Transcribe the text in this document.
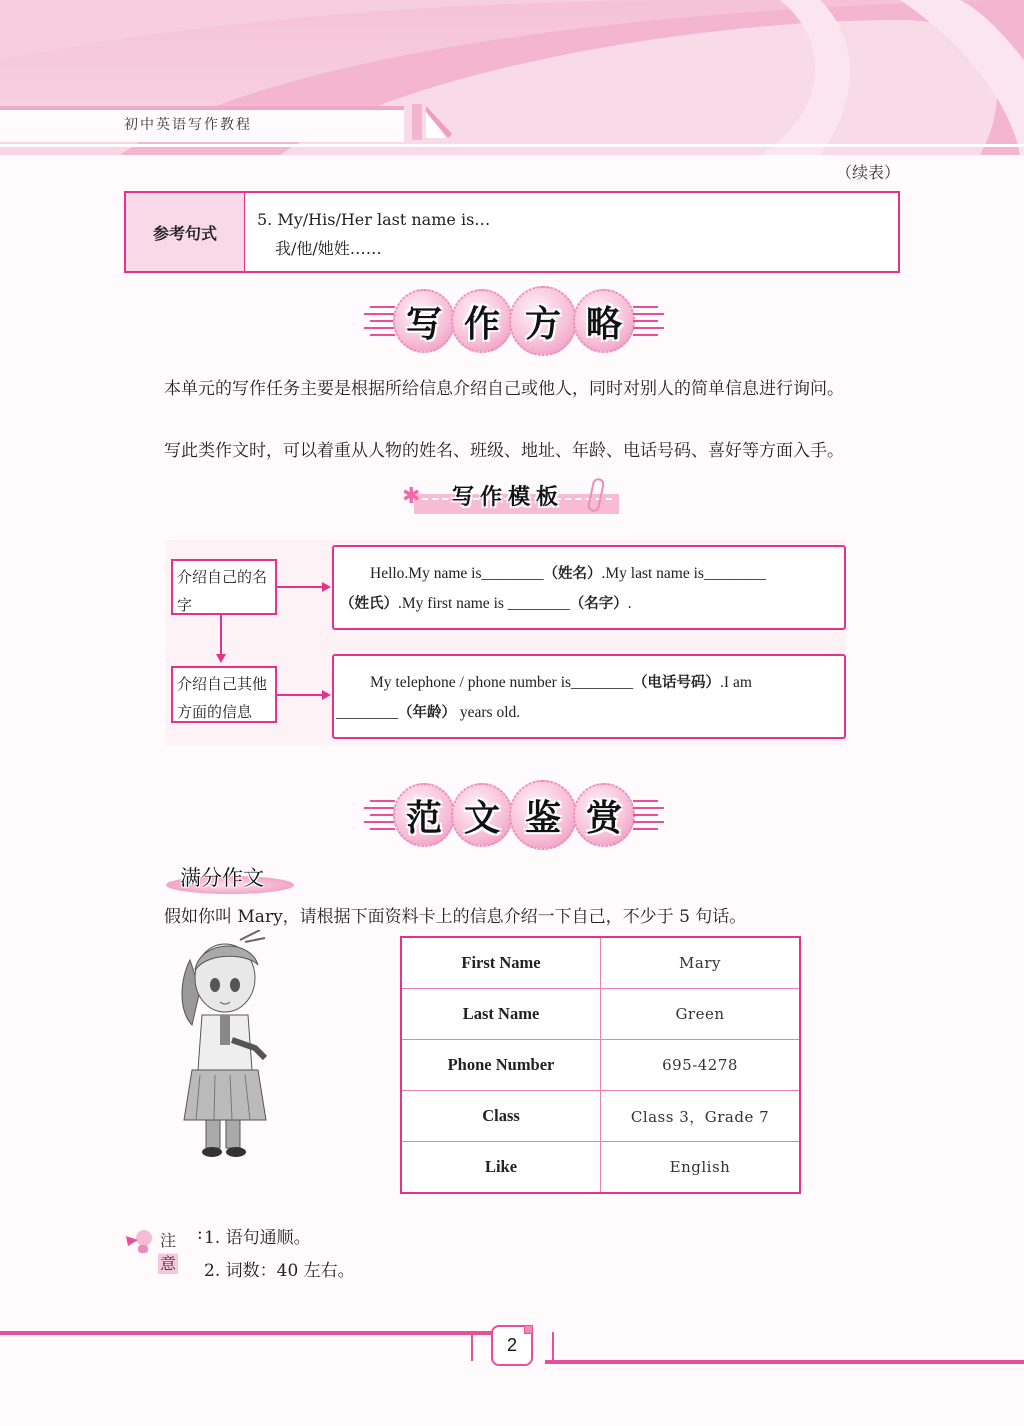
初中英语写作教程
（续表）
参考句式
5. My/His/Her last name is…
我/他/她姓……
写 作 方 略
本单元的写作任务主要是根据所给信息介绍自己或他人，同时对别人的简单信息进行询问。
写此类作文时，可以着重从人物的姓名、班级、地址、年龄、电话号码、喜好等方面入手。
✱ 写作模板
介绍自己的名字
Hello.My name is________（姓名）.My last name is________
（姓氏）.My first name is ________（名字）.
介绍自己其他方面的信息
My telephone / phone number is________（电话号码）.I am
________（年龄） years old.
范 文 鉴 赏
满分作文
假如你叫 Mary，请根据下面资料卡上的信息介绍一下自己，不少于 5 句话。
First Name	Mary
Last Name	Green
Phone Number	695-4278
Class	Class 3，Grade 7
Like	English
注意
: 1. 语句通顺。
2. 词数：40 左右。
2
